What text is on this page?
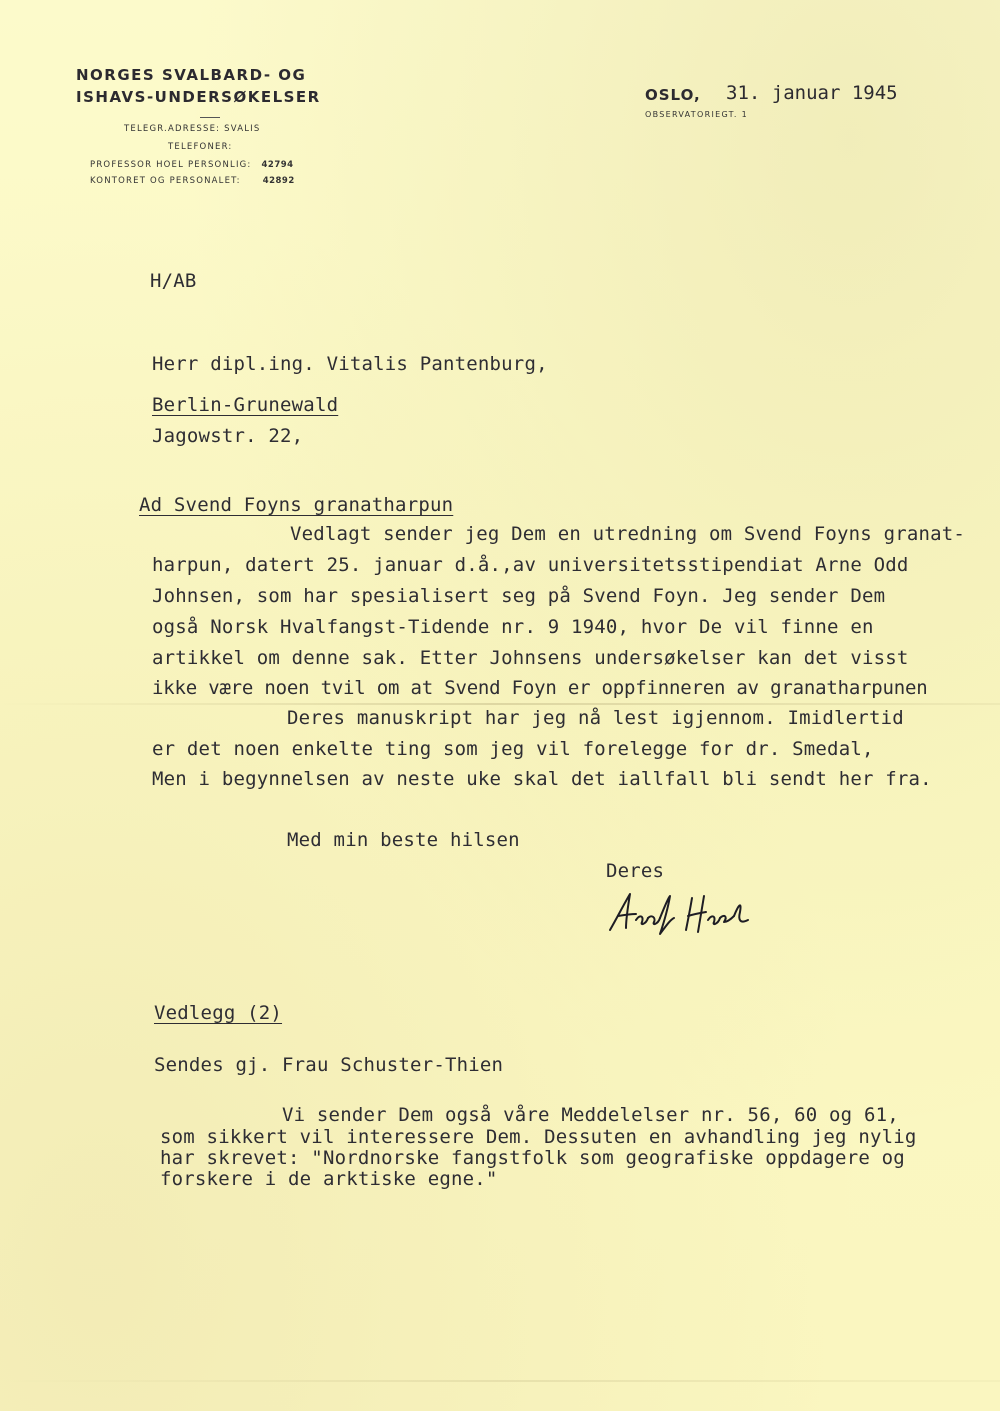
NORGES SVALBARD- OG
ISHAVS-UNDERSØKELSER
TELEGR.ADRESSE: SVALIS
TELEFONER:
PROFESSOR HOEL PERSONLIG: 42794
KONTORET OG PERSONALET:	42892
OSLO, 31. januar 1945
OBSERVATORIEGT. 1
H/AB
Herr dipl.ing. Vitalis Pantenburg,
Berlin-Grunewald
Jagowstr. 22,
Ad Svend Foyns granatharpun
Vedlagt sender jeg Dem en utredning om Svend Foyns granat-
harpun, datert 25. januar d.å.,av universitetsstipendiat Arne Odd
Johnsen, som har spesialisert seg på Svend Foyn. Jeg sender Dem
også Norsk Hvalfangst-Tidende nr. 9 1940, hvor De vil finne en
artikkel om denne sak. Etter Johnsens undersøkelser kan det visst
ikke være noen tvil om at Svend Foyn er oppfinneren av granatharpunen
Deres manuskript har jeg nå lest igjennom. Imidlertid
er det noen enkelte ting som jeg vil forelegge for dr. Smedal,
Men i begynnelsen av neste uke skal det iallfall bli sendt her fra.
Med min beste hilsen
Deres
Vedlegg (2)
Sendes gj. Frau Schuster-Thien
Vi sender Dem også våre Meddelelser nr. 56, 60 og 61,
som sikkert vil interessere Dem. Dessuten en avhandling jeg nylig
har skrevet: "Nordnorske fangstfolk som geografiske oppdagere og
forskere i de arktiske egne."
